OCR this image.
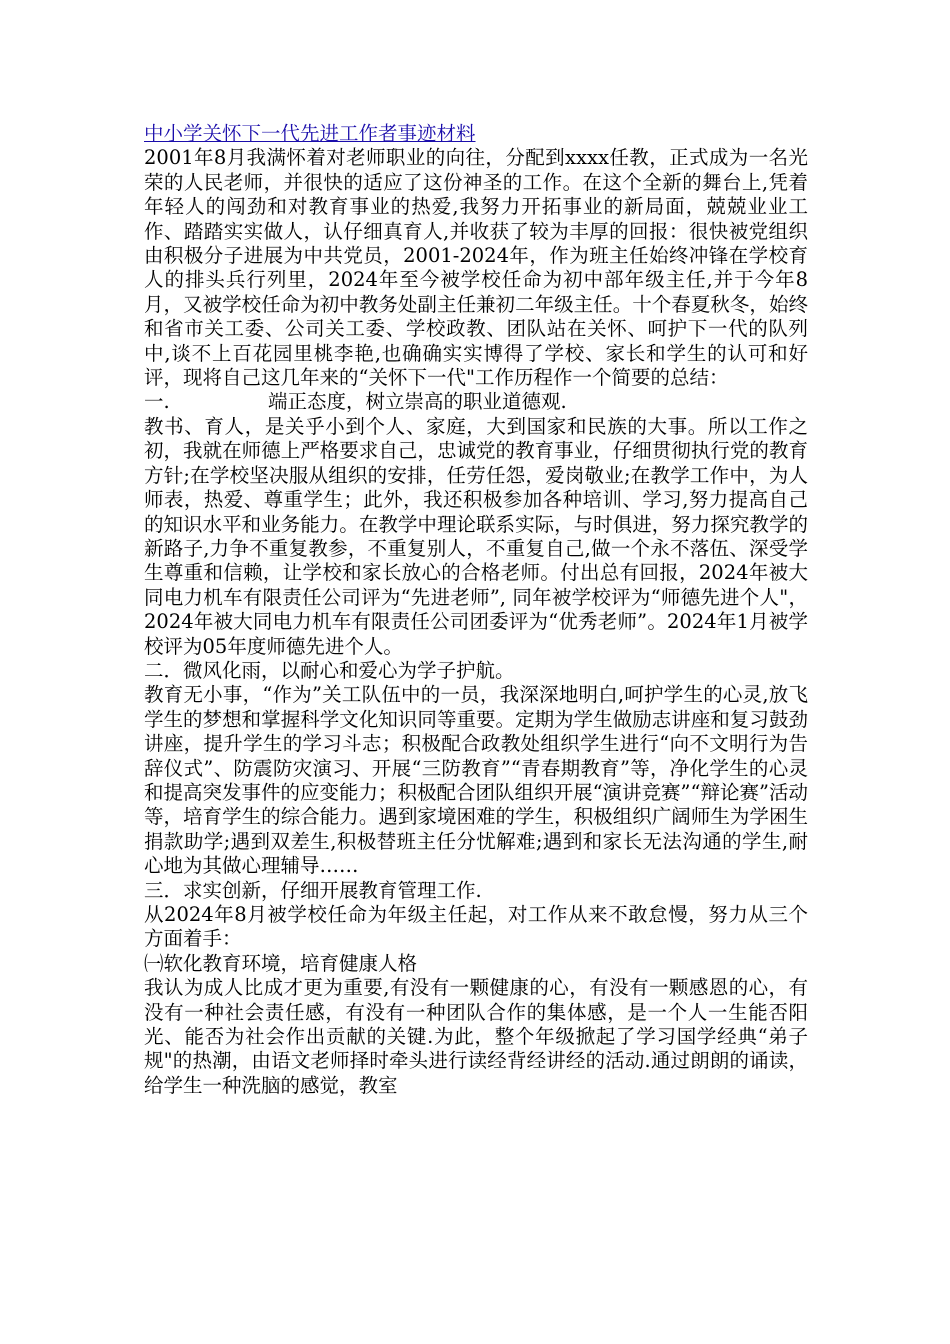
中小学关怀下一代先进工作者事迹材料

2001年8月我满怀着对老师职业的向往，分配到xxxx任教，正式成为一名光荣的人民老师，并很快的适应了这份神圣的工作。在这个全新的舞台上,凭着年轻人的闯劲和对教育事业的热爱,我努力开拓事业的新局面，兢兢业业工作、踏踏实实做人，认仔细真育人,并收获了较为丰厚的回报：很快被党组织由积极分子进展为中共党员，2001-2024年，作为班主任始终冲锋在学校育人的排头兵行列里，2024年至今被学校任命为初中部年级主任,并于今年8月，又被学校任命为初中教务处副主任兼初二年级主任。十个春夏秋冬，始终和省市关工委、公司关工委、学校政教、团队站在关怀、呵护下一代的队列中,谈不上百花园里桃李艳,也确确实实博得了学校、家长和学生的认可和好评，现将自己这几年来的“关怀下一代"工作历程作一个简要的总结：

一.	端正态度，树立崇高的职业道德观.

教书、育人，是关乎小到个人、家庭，大到国家和民族的大事。所以工作之初，我就在师德上严格要求自己，忠诚党的教育事业，仔细贯彻执行党的教育方针;在学校坚决服从组织的安排，任劳任怨，爱岗敬业;在教学工作中，为人师表，热爱、尊重学生；此外，我还积极参加各种培训、学习,努力提高自己的知识水平和业务能力。在教学中理论联系实际，与时俱进，努力探究教学的新路子,力争不重复教参，不重复别人，不重复自己,做一个永不落伍、深受学生尊重和信赖，让学校和家长放心的合格老师。付出总有回报，2024年被大同电力机车有限责任公司评为“先进老师”, 同年被学校评为“师德先进个人"，2024年被大同电力机车有限责任公司团委评为“优秀老师”。2024年1月被学校评为05年度师德先进个人。

二．微风化雨，以耐心和爱心为学子护航。

教育无小事，“作为”关工队伍中的一员，我深深地明白,呵护学生的心灵,放飞学生的梦想和掌握科学文化知识同等重要。定期为学生做励志讲座和复习鼓劲讲座，提升学生的学习斗志；积极配合政教处组织学生进行“向不文明行为告辞仪式”、防震防灾演习、开展“三防教育”“青春期教育”等，净化学生的心灵和提高突发事件的应变能力；积极配合团队组织开展“演讲竞赛”“辩论赛”活动等，培育学生的综合能力。遇到家境困难的学生，积极组织广阔师生为学困生捐款助学;遇到双差生,积极替班主任分忧解难;遇到和家长无法沟通的学生,耐心地为其做心理辅导……

三．求实创新，仔细开展教育管理工作.

从2024年8月被学校任命为年级主任起，对工作从来不敢怠慢，努力从三个方面着手：

㈠软化教育环境，培育健康人格

我认为成人比成才更为重要,有没有一颗健康的心，有没有一颗感恩的心，有没有一种社会责任感，有没有一种团队合作的集体感，是一个人一生能否阳光、能否为社会作出贡献的关键.为此，整个年级掀起了学习国学经典“弟子规"的热潮，由语文老师择时牵头进行读经背经讲经的活动.通过朗朗的诵读，给学生一种洗脑的感觉，教室
